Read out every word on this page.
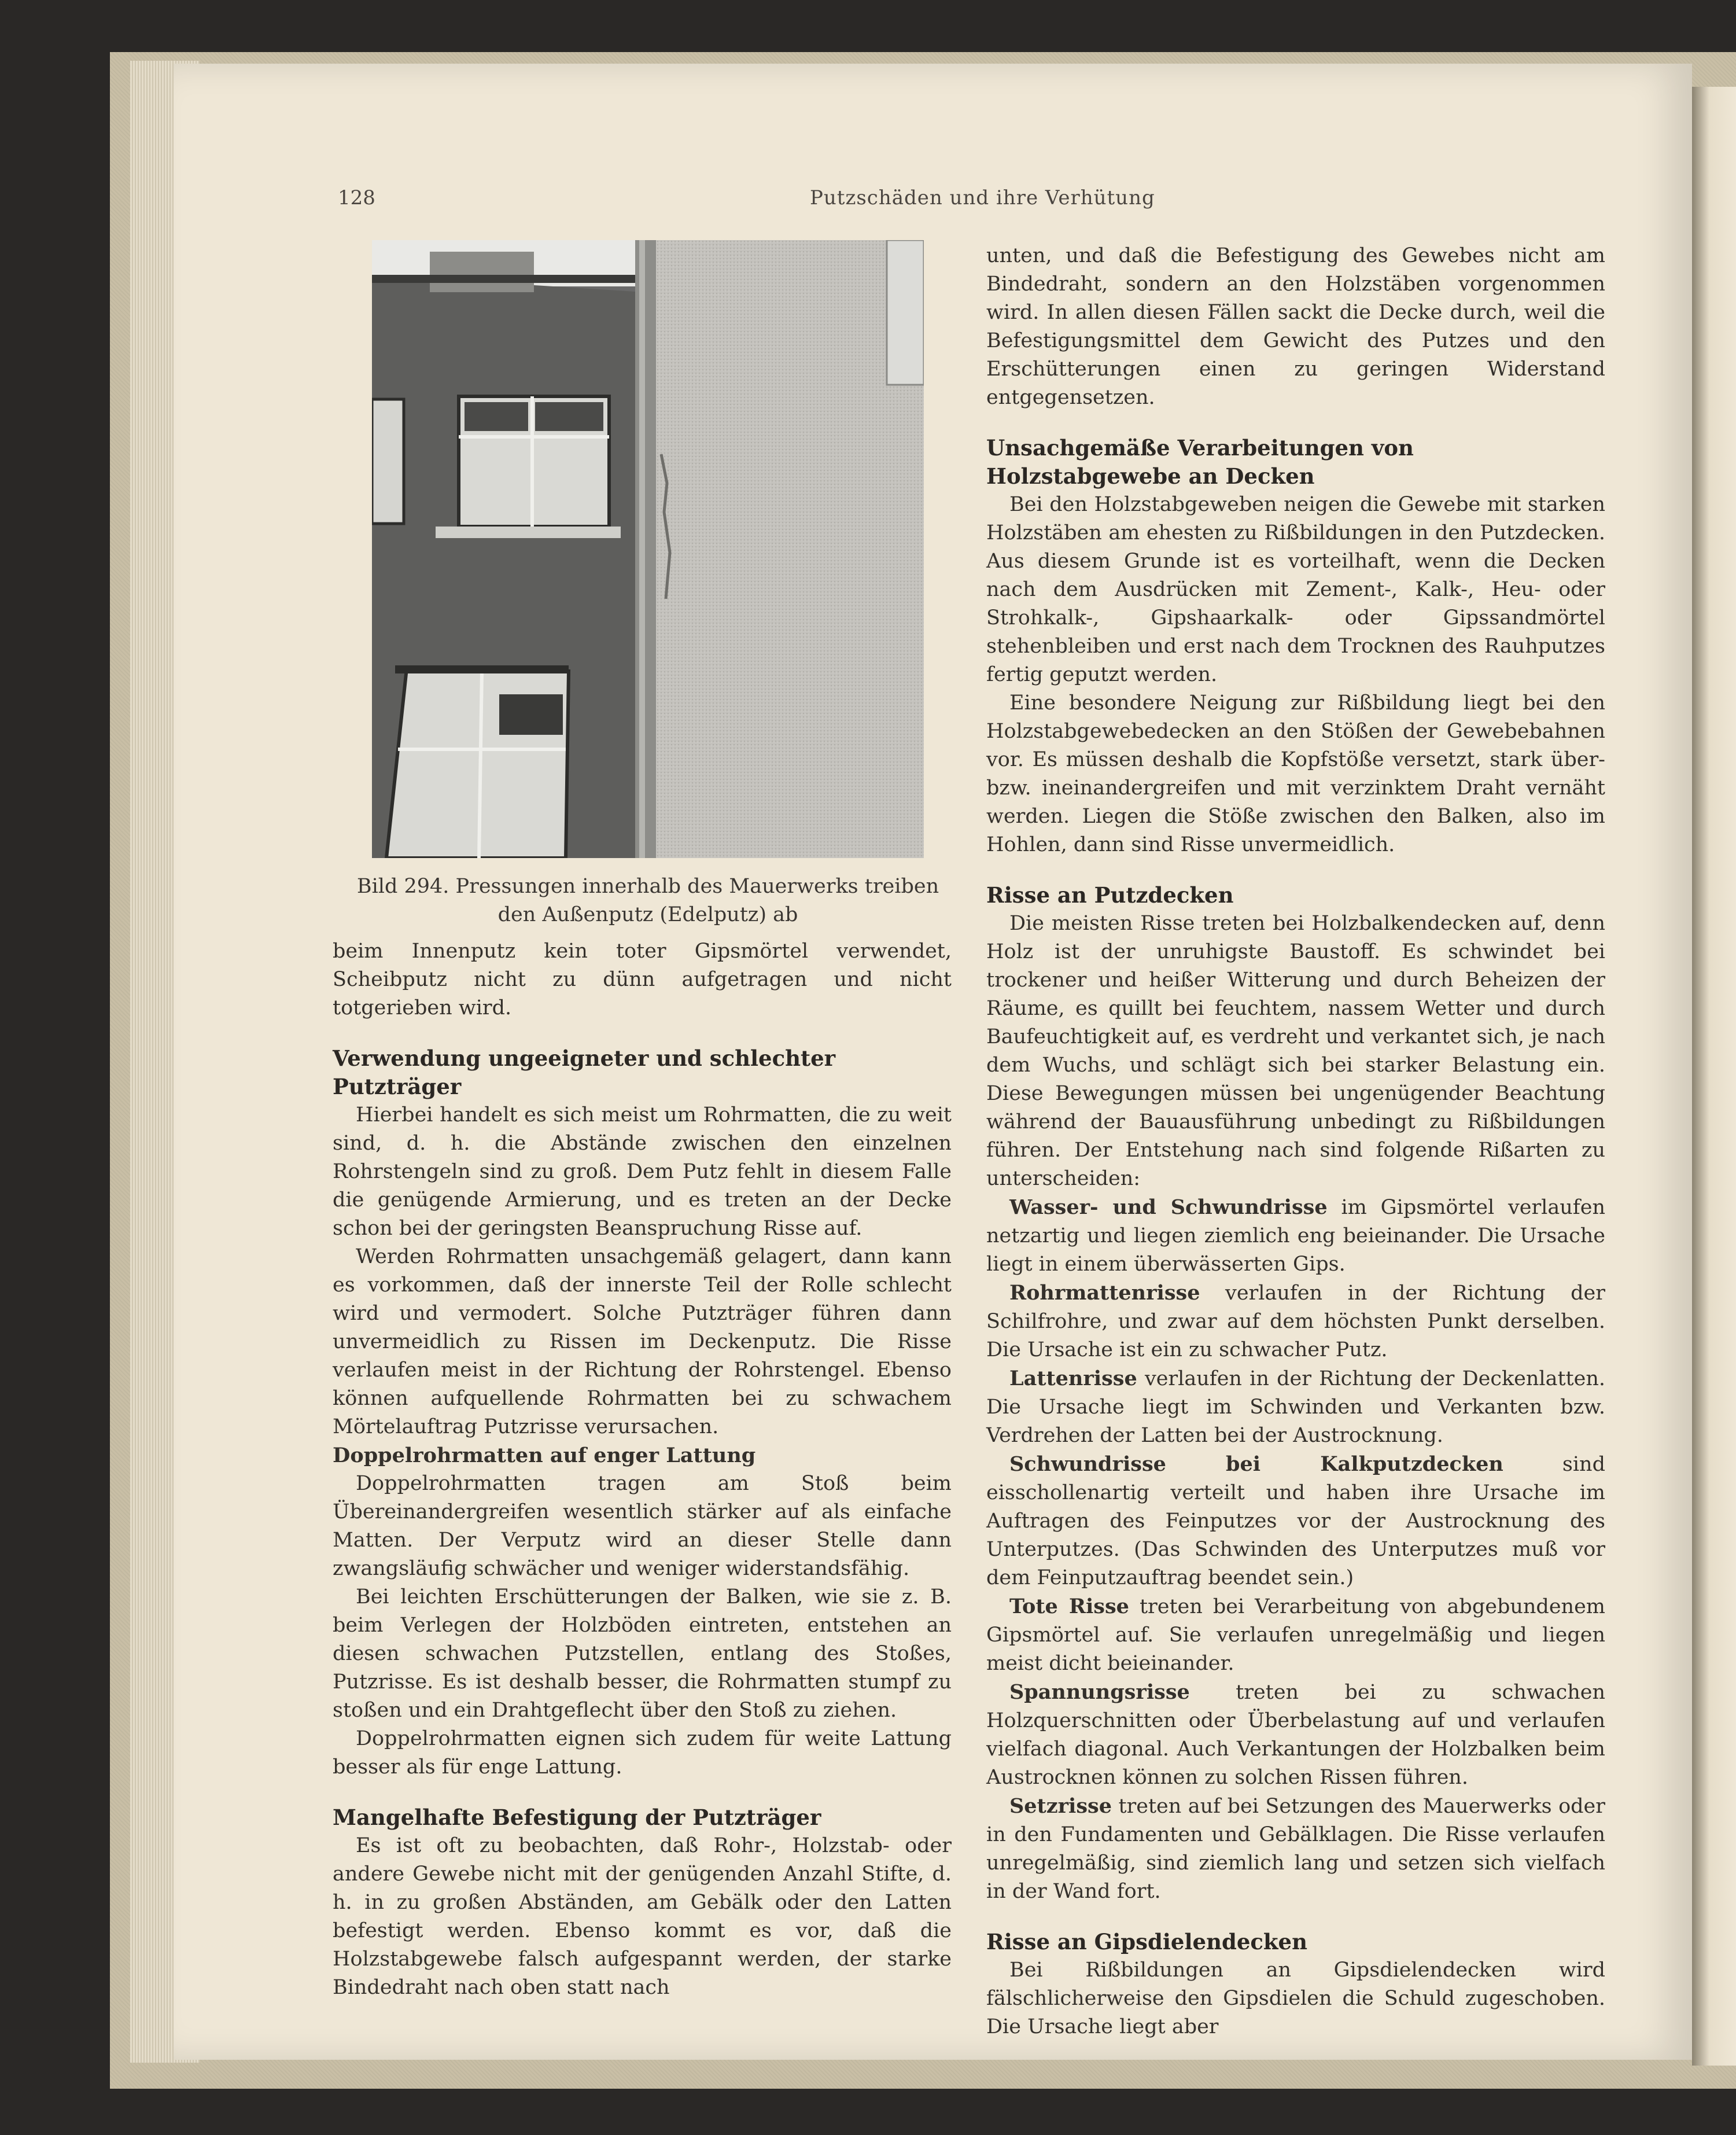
128	Putzschäden und ihre Verhütung
Bild 294. Pressungen innerhalb des Mauerwerks treiben
den Außenputz (Edelputz) ab

beim Innenputz kein toter Gipsmörtel verwendet, Scheibputz nicht zu dünn aufgetragen und nicht totgerieben wird.

Verwendung ungeeigneter und schlechter Putzträger

Hierbei handelt es sich meist um Rohrmatten, die zu weit sind, d. h. die Abstände zwischen den einzelnen Rohrstengeln sind zu groß. Dem Putz fehlt in diesem Falle die genügende Armierung, und es treten an der Decke schon bei der geringsten Beanspruchung Risse auf.

Werden Rohrmatten unsachgemäß gelagert, dann kann es vorkommen, daß der innerste Teil der Rolle schlecht wird und vermodert. Solche Putzträger führen dann unvermeidlich zu Rissen im Deckenputz. Die Risse verlaufen meist in der Richtung der Rohrstengel. Ebenso können aufquellende Rohrmatten bei zu schwachem Mörtelauftrag Putzrisse verursachen.

Doppelrohrmatten auf enger Lattung

Doppelrohrmatten tragen am Stoß beim Übereinandergreifen wesentlich stärker auf als einfache Matten. Der Verputz wird an dieser Stelle dann zwangsläufig schwächer und weniger widerstandsfähig.

Bei leichten Erschütterungen der Balken, wie sie z. B. beim Verlegen der Holzböden eintreten, entstehen an diesen schwachen Putzstellen, entlang des Stoßes, Putzrisse. Es ist deshalb besser, die Rohrmatten stumpf zu stoßen und ein Drahtgeflecht über den Stoß zu ziehen.

Doppelrohrmatten eignen sich zudem für weite Lattung besser als für enge Lattung.

Mangelhafte Befestigung der Putzträger

Es ist oft zu beobachten, daß Rohr-, Holzstab- oder andere Gewebe nicht mit der genügenden Anzahl Stifte, d. h. in zu großen Abständen, am Gebälk oder den Latten befestigt werden. Ebenso kommt es vor, daß die Holzstabgewebe falsch aufgespannt werden, der starke Bindedraht nach oben statt nach

unten, und daß die Befestigung des Gewebes nicht am Bindedraht, sondern an den Holzstäben vorgenommen wird. In allen diesen Fällen sackt die Decke durch, weil die Befestigungsmittel dem Gewicht des Putzes und den Erschütterungen einen zu geringen Widerstand entgegensetzen.

Unsachgemäße Verarbeitungen von Holzstabgewebe an Decken

Bei den Holzstabgeweben neigen die Gewebe mit starken Holzstäben am ehesten zu Rißbildungen in den Putzdecken. Aus diesem Grunde ist es vorteilhaft, wenn die Decken nach dem Ausdrücken mit Zement-, Kalk-, Heu- oder Strohkalk-, Gipshaarkalk- oder Gipssandmörtel stehenbleiben und erst nach dem Trocknen des Rauhputzes fertig geputzt werden.

Eine besondere Neigung zur Rißbildung liegt bei den Holzstabgewebedecken an den Stößen der Gewebebahnen vor. Es müssen deshalb die Kopfstöße versetzt, stark über- bzw. ineinandergreifen und mit verzinktem Draht vernäht werden. Liegen die Stöße zwischen den Balken, also im Hohlen, dann sind Risse unvermeidlich.

Risse an Putzdecken

Die meisten Risse treten bei Holzbalkendecken auf, denn Holz ist der unruhigste Baustoff. Es schwindet bei trockener und heißer Witterung und durch Beheizen der Räume, es quillt bei feuchtem, nassem Wetter und durch Baufeuchtigkeit auf, es verdreht und verkantet sich, je nach dem Wuchs, und schlägt sich bei starker Belastung ein. Diese Bewegungen müssen bei ungenügender Beachtung während der Bauausführung unbedingt zu Rißbildungen führen. Der Entstehung nach sind folgende Rißarten zu unterscheiden:

Wasser- und Schwundrisse im Gipsmörtel verlaufen netzartig und liegen ziemlich eng beieinander. Die Ursache liegt in einem überwässerten Gips.

Rohrmattenrisse verlaufen in der Richtung der Schilfrohre, und zwar auf dem höchsten Punkt derselben. Die Ursache ist ein zu schwacher Putz.

Lattenrisse verlaufen in der Richtung der Deckenlatten. Die Ursache liegt im Schwinden und Verkanten bzw. Verdrehen der Latten bei der Austrocknung.

Schwundrisse bei Kalkputzdecken sind eisschollenartig verteilt und haben ihre Ursache im Auftragen des Feinputzes vor der Austrocknung des Unterputzes. (Das Schwinden des Unterputzes muß vor dem Feinputzauftrag beendet sein.)

Tote Risse treten bei Verarbeitung von abgebundenem Gipsmörtel auf. Sie verlaufen unregelmäßig und liegen meist dicht beieinander.

Spannungsrisse treten bei zu schwachen Holzquerschnitten oder Überbelastung auf und verlaufen vielfach diagonal. Auch Verkantungen der Holzbalken beim Austrocknen können zu solchen Rissen führen.

Setzrisse treten auf bei Setzungen des Mauerwerks oder in den Fundamenten und Gebälklagen. Die Risse verlaufen unregelmäßig, sind ziemlich lang und setzen sich vielfach in der Wand fort.

Risse an Gipsdielendecken

Bei Rißbildungen an Gipsdielendecken wird fälschlicherweise den Gipsdielen die Schuld zugeschoben. Die Ursache liegt aber
